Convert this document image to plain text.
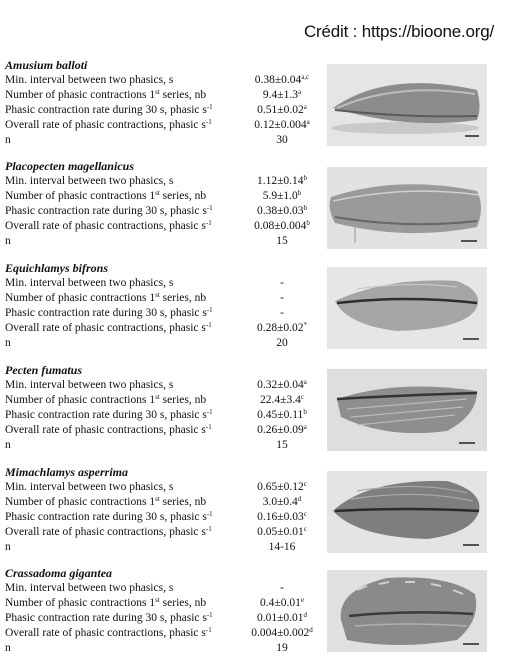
Crédit : https://bioone.org/
Amusium balloti
Min. interval between two phasics, s	$0.38\pm 0.04^{a,c}$
Number of phasic contractions 1st series, nb	9.4±1.3$^a$
Phasic contraction rate during 30 s, phasic $s^{-1}$	0.51±0.02$^a$
Overall rate of phasic contractions, phasic $s^{-1}$	0.12±0.004$^a$
n	30
Placopecten magellanicus
Min. interval between two phasics, s	1.12±0.14$^b$
Number of phasic contractions 1st series, nb	5.9±1.0$^b$
Phasic contraction rate during 30 s, phasic $s^{-1}$	0.38±0.03$^b$
Overall rate of phasic contractions, phasic $s^{-1}$	0.08±0.004$^b$
n	15
Equichlamys bifrons
Min. interval between two phasics, s	-
Number of phasic contractions 1st series, nb	-
Phasic contraction rate during 30 s, phasic $s^{-1}$	-
Overall rate of phasic contractions, phasic $s^{-1}$	0.28±0.02*
n	20
Pecten fumatus
Min. interval between two phasics, s	0.32±0.04$^a$
Number of phasic contractions 1st series, nb	22.4±3.4$^c$
Phasic contraction rate during 30 s, phasic $s^{-1}$	0.45±0.11$^b$
Overall rate of phasic contractions, phasic $s^{-1}$	0.26±0.09$^a$
n	15
Mimachlamys asperrima
Min. interval between two phasics, s	0.65±0.12$^c$
Number of phasic contractions 1st series, nb	3.0±0.4$^d$
Phasic contraction rate during 30 s, phasic $s^{-1}$	0.16±0.03$^c$
Overall rate of phasic contractions, phasic $s^{-1}$	0.05±0.01$^c$
n	14-16
Crassadoma gigantea
Min. interval between two phasics, s	-
Number of phasic contractions 1st series, nb	0.4±0.01$^e$
Phasic contraction rate during 30 s, phasic $s^{-1}$	0.01±0.01$^d$
Overall rate of phasic contractions, phasic $s^{-1}$	0.004±0.002$^d$
n	19
